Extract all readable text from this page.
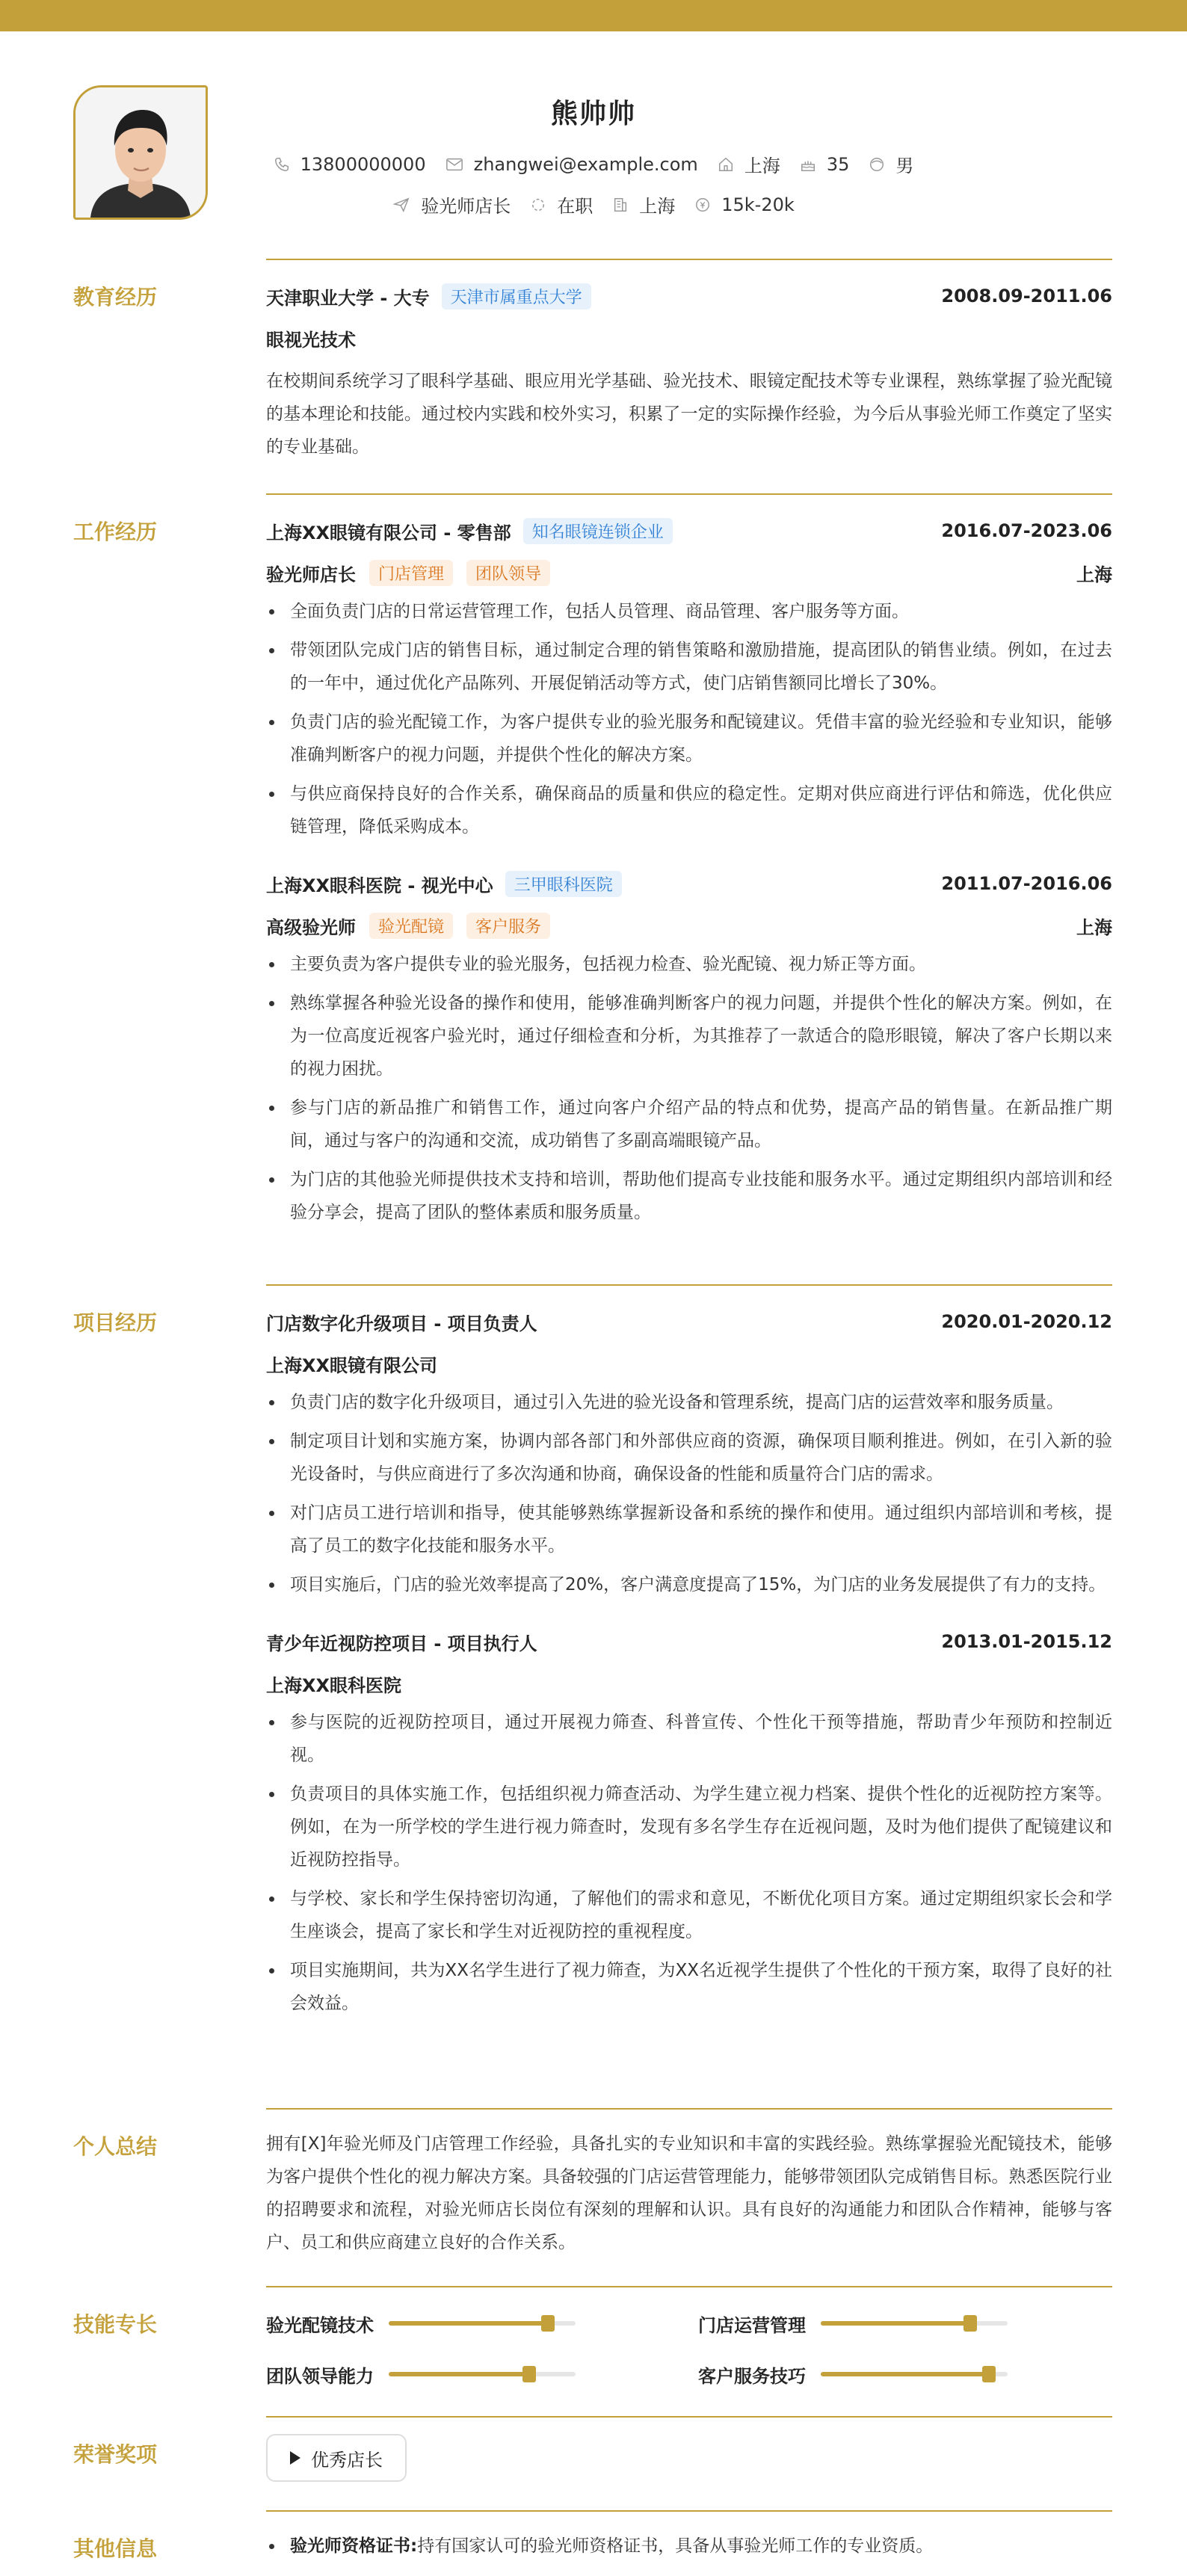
熊帅帅
13800000000	zhangwei@example.com	上海	35	男
验光师店长	在职	上海	15k-20k
教育经历	天津职业大学 - 大专	天津市属重点大学	2008.09-2011.06
眼视光技术
在校期间系统学习了眼科学基础、眼应用光学基础、验光技术、眼镜定配技术等专业课程，熟练掌握了验光配镜的基本理论和技能。通过校内实践和校外实习，积累了一定的实际操作经验，为今后从事验光师工作奠定了坚实的专业基础。
工作经历	上海XX眼镜有限公司 - 零售部	知名眼镜连锁企业	2016.07-2023.06
验光师店长	门店管理	团队领导	上海
全面负责门店的日常运营管理工作，包括人员管理、商品管理、客户服务等方面。
带领团队完成门店的销售目标，通过制定合理的销售策略和激励措施，提高团队的销售业绩。例如，在过去的一年中，通过优化产品陈列、开展促销活动等方式，使门店销售额同比增长了30%。
负责门店的验光配镜工作，为客户提供专业的验光服务和配镜建议。凭借丰富的验光经验和专业知识，能够准确判断客户的视力问题，并提供个性化的解决方案。
与供应商保持良好的合作关系，确保商品的质量和供应的稳定性。定期对供应商进行评估和筛选，优化供应链管理，降低采购成本。
上海XX眼科医院 - 视光中心	三甲眼科医院	2011.07-2016.06
高级验光师	验光配镜	客户服务	上海
主要负责为客户提供专业的验光服务，包括视力检查、验光配镜、视力矫正等方面。
熟练掌握各种验光设备的操作和使用，能够准确判断客户的视力问题，并提供个性化的解决方案。例如，在为一位高度近视客户验光时，通过仔细检查和分析，为其推荐了一款适合的隐形眼镜，解决了客户长期以来的视力困扰。
参与门店的新品推广和销售工作，通过向客户介绍产品的特点和优势，提高产品的销售量。在新品推广期间，通过与客户的沟通和交流，成功销售了多副高端眼镜产品。
为门店的其他验光师提供技术支持和培训，帮助他们提高专业技能和服务水平。通过定期组织内部培训和经验分享会，提高了团队的整体素质和服务质量。
项目经历	门店数字化升级项目 - 项目负责人	2020.01-2020.12
上海XX眼镜有限公司
负责门店的数字化升级项目，通过引入先进的验光设备和管理系统，提高门店的运营效率和服务质量。
制定项目计划和实施方案，协调内部各部门和外部供应商的资源，确保项目顺利推进。例如，在引入新的验光设备时，与供应商进行了多次沟通和协商，确保设备的性能和质量符合门店的需求。
对门店员工进行培训和指导，使其能够熟练掌握新设备和系统的操作和使用。通过组织内部培训和考核，提高了员工的数字化技能和服务水平。
项目实施后，门店的验光效率提高了20%，客户满意度提高了15%，为门店的业务发展提供了有力的支持。
青少年近视防控项目 - 项目执行人	2013.01-2015.12
上海XX眼科医院
参与医院的近视防控项目，通过开展视力筛查、科普宣传、个性化干预等措施，帮助青少年预防和控制近视。
负责项目的具体实施工作，包括组织视力筛查活动、为学生建立视力档案、提供个性化的近视防控方案等。例如，在为一所学校的学生进行视力筛查时，发现有多名学生存在近视问题，及时为他们提供了配镜建议和近视防控指导。
与学校、家长和学生保持密切沟通，了解他们的需求和意见，不断优化项目方案。通过定期组织家长会和学生座谈会，提高了家长和学生对近视防控的重视程度。
项目实施期间，共为XX名学生进行了视力筛查，为XX名近视学生提供了个性化的干预方案，取得了良好的社会效益。
个人总结	拥有[X]年验光师及门店管理工作经验，具备扎实的专业知识和丰富的实践经验。熟练掌握验光配镜技术，能够为客户提供个性化的视力解决方案。具备较强的门店运营管理能力，能够带领团队完成销售目标。熟悉医院行业的招聘要求和流程，对验光师店长岗位有深刻的理解和认识。具有良好的沟通能力和团队合作精神，能够与客户、员工和供应商建立良好的合作关系。
技能专长	验光配镜技术	门店运营管理
团队领导能力	客户服务技巧
荣誉奖项	优秀店长
其他信息	验光师资格证书:持有国家认可的验光师资格证书，具备从事验光师工作的专业资质。
